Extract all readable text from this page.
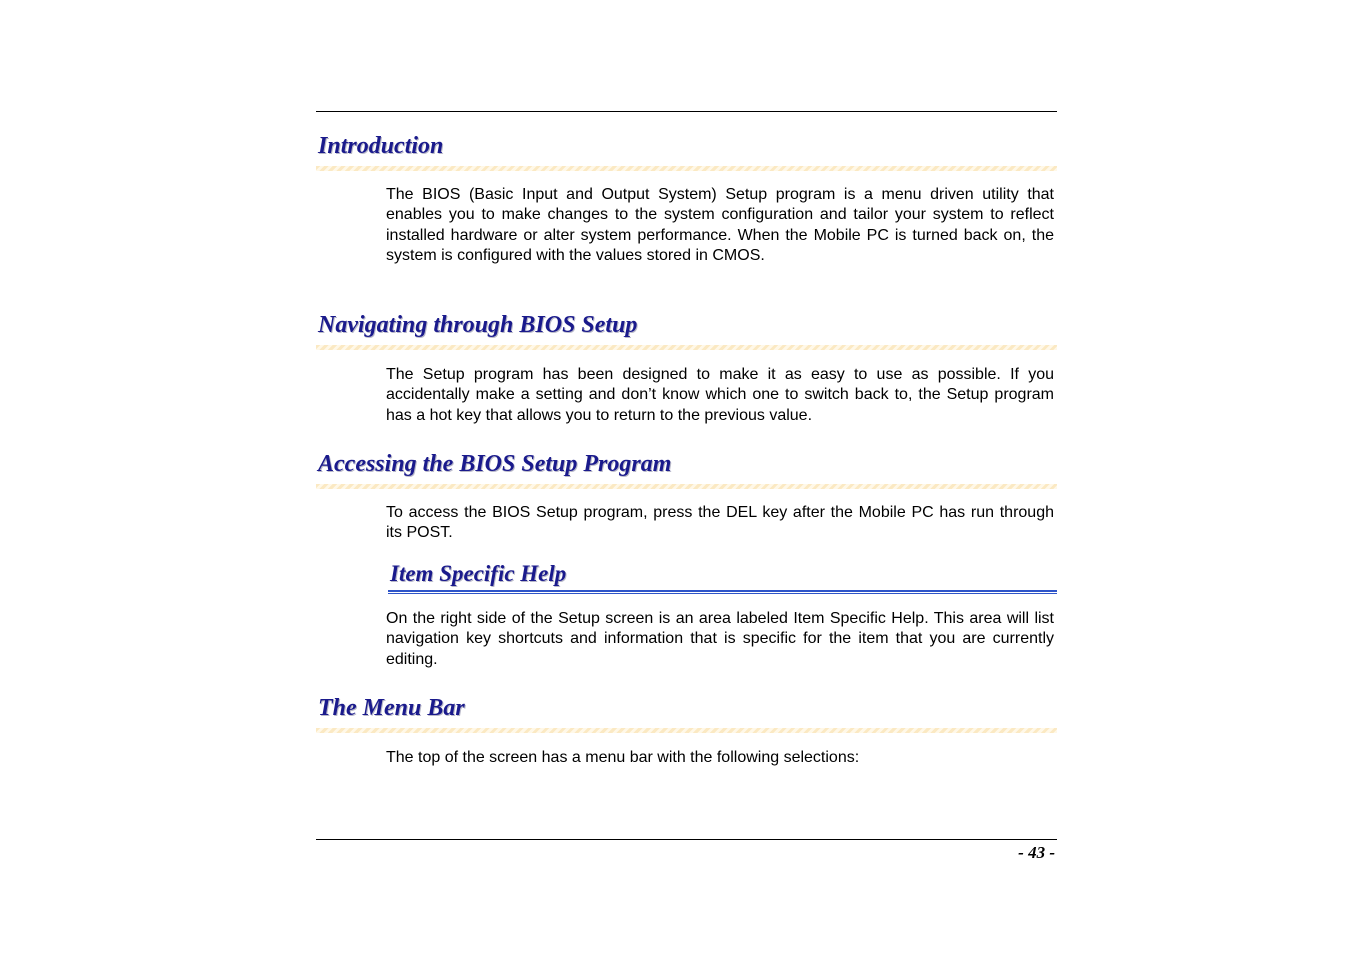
Introduction

The BIOS (Basic Input and Output System) Setup program is a menu driven utility that enables you to make changes to the system configuration and tailor your system to reflect installed hardware or alter system performance. When the Mobile PC is turned back on, the system is configured with the values stored in CMOS.

Navigating through BIOS Setup

The Setup program has been designed to make it as easy to use as possible. If you accidentally make a setting and don’t know which one to switch back to, the Setup program has a hot key that allows you to return to the previous value.

Accessing the BIOS Setup Program

To access the BIOS Setup program, press the DEL key after the Mobile PC has run through its POST.

Item Specific Help

On the right side of the Setup screen is an area labeled Item Specific Help. This area will list navigation key shortcuts and information that is specific for the item that you are currently editing.

The Menu Bar

The top of the screen has a menu bar with the following selections:

- 43 -
